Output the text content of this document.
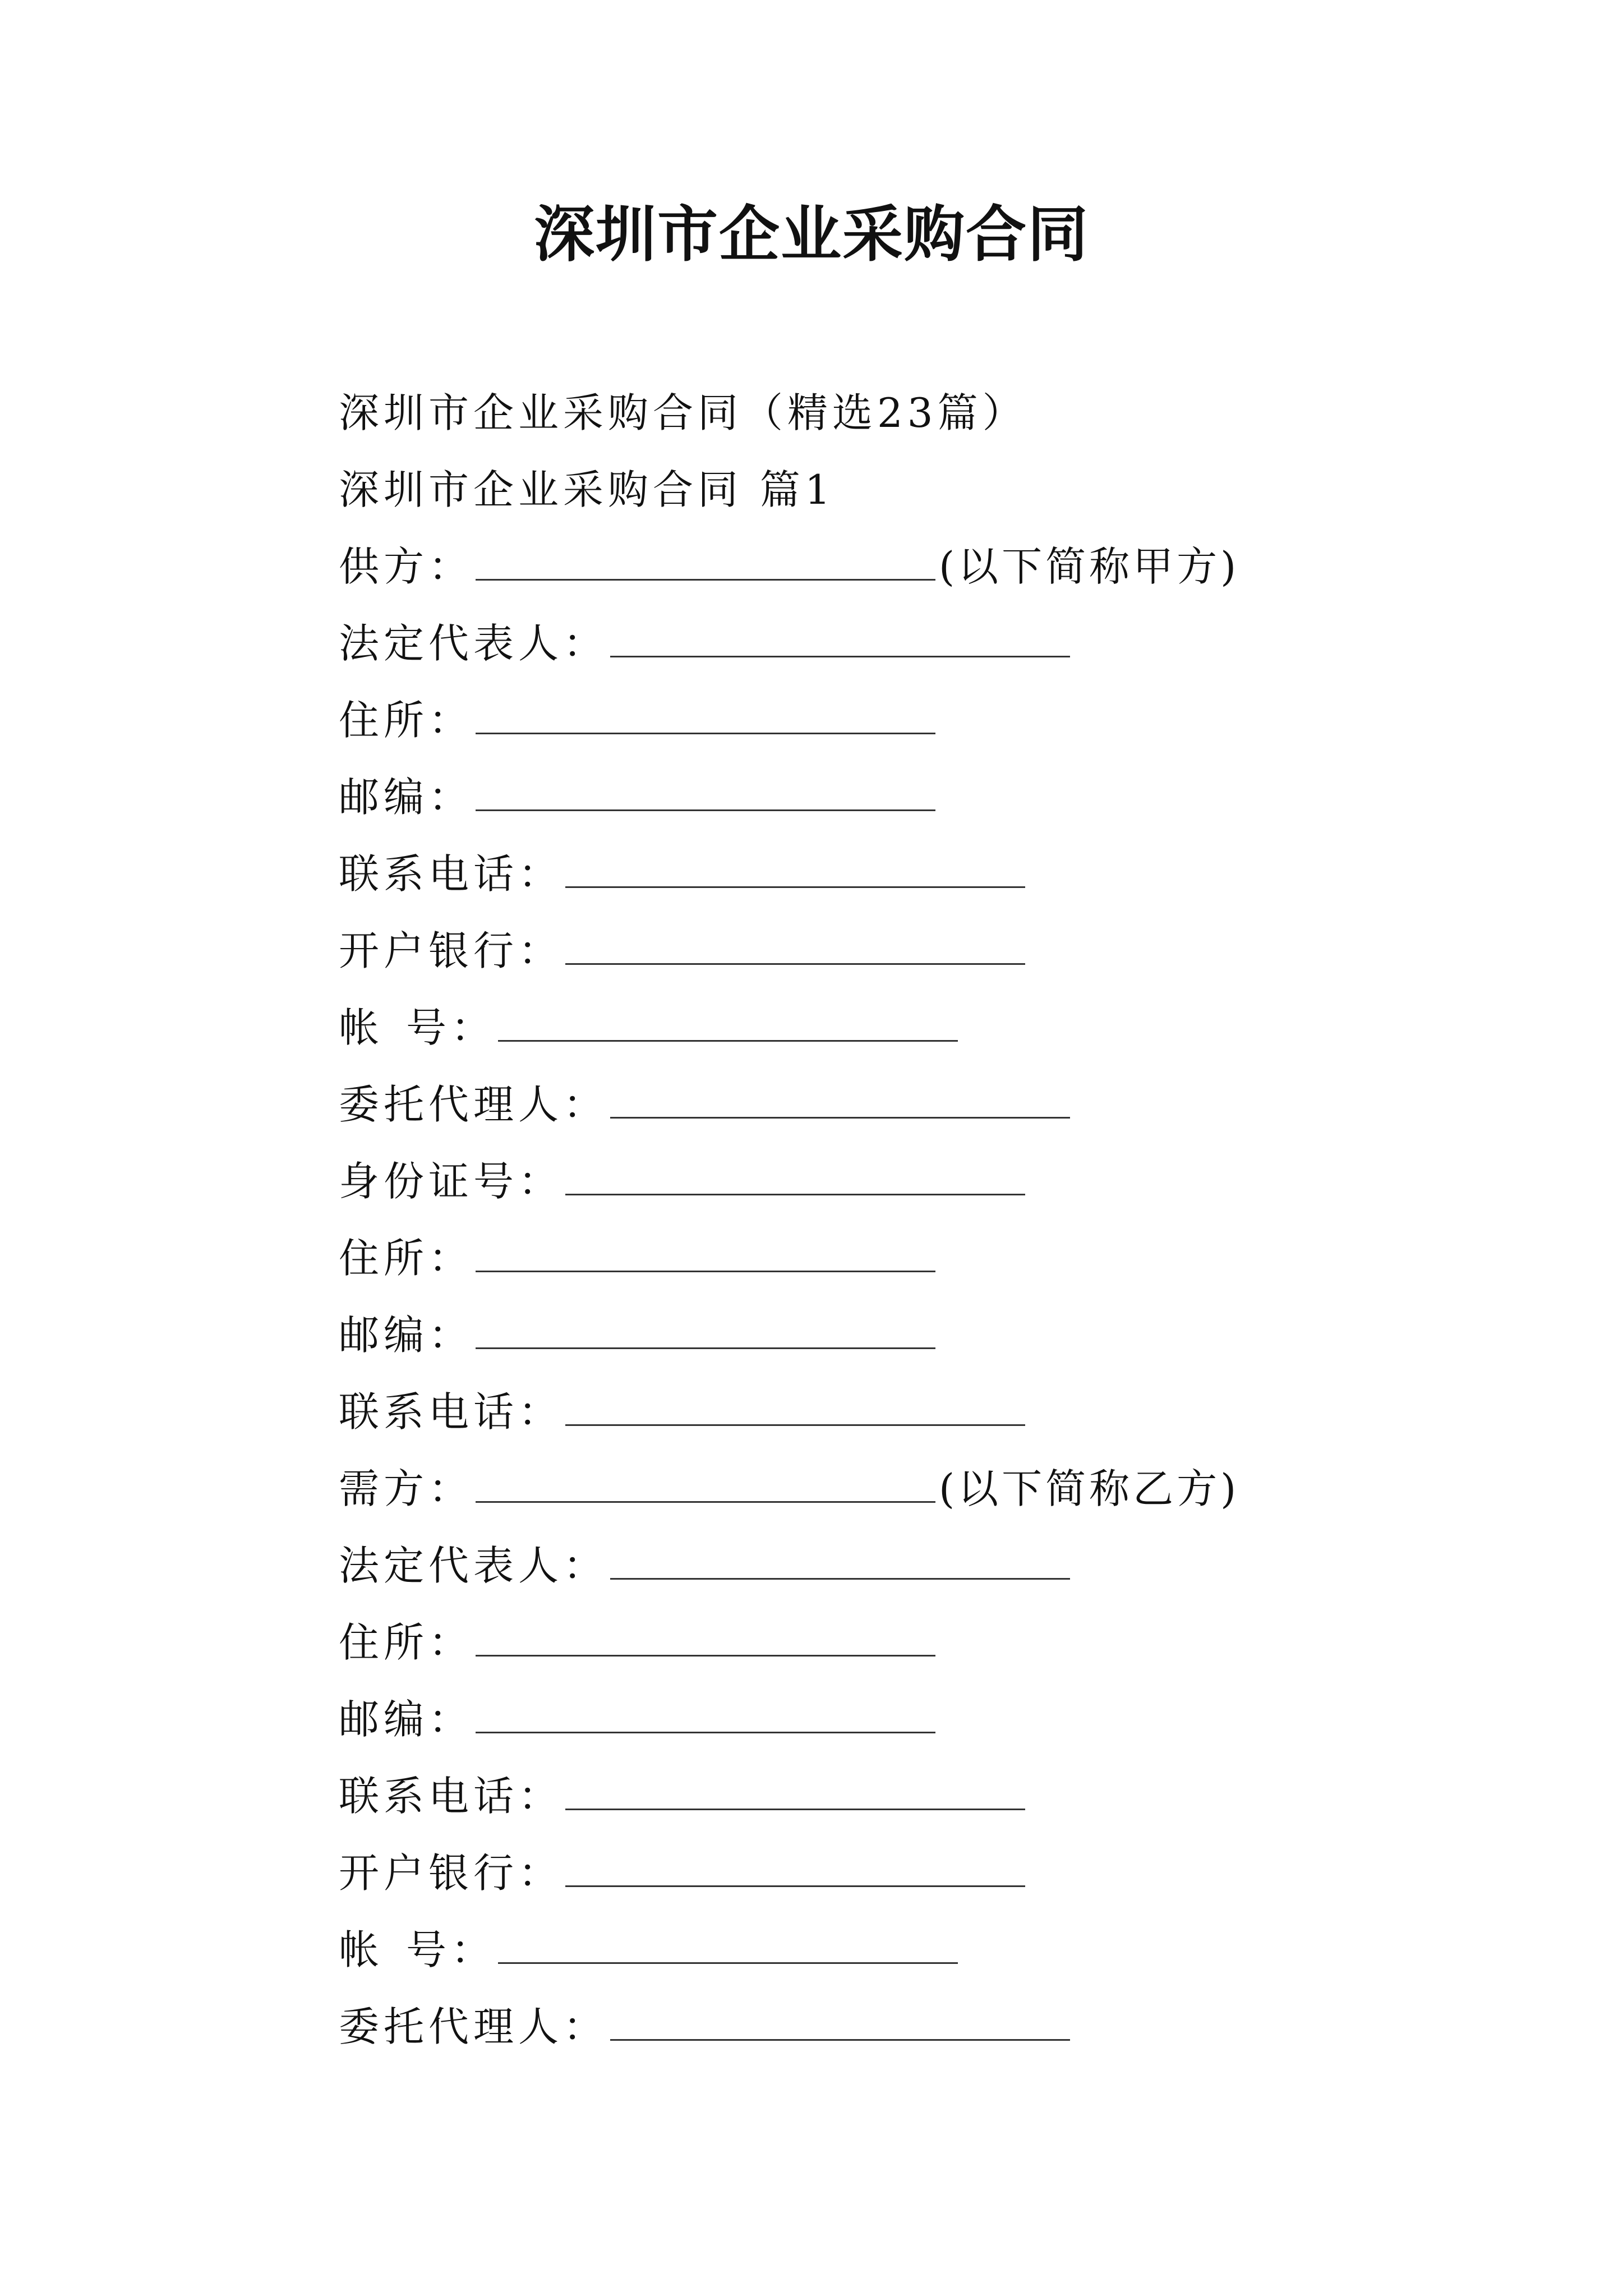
深圳市企业采购合同
深圳市企业采购合同（精选23篇）
深圳市企业采购合同 篇1
供方：	(以下简称甲方)
法定代表人：
住所：
邮编：
联系电话：
开户银行：
帐 号：
委托代理人：
身份证号：
住所：
邮编：
联系电话：
需方：	(以下简称乙方)
法定代表人：
住所：
邮编：
联系电话：
开户银行：
帐 号：
委托代理人：
